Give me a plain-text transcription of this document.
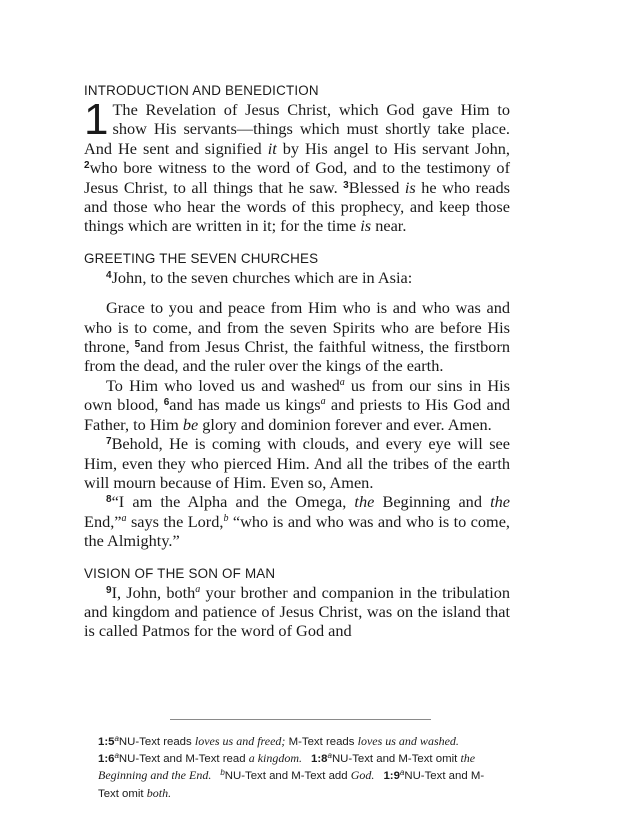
INTRODUCTION AND BENEDICTION

1 The Revelation of Jesus Christ, which God gave Him to show His servants—things which must shortly take place. And He sent and signified it by His angel to His servant John, $^2$who bore witness to the word of God, and to the testimony of Jesus Christ, to all things that he saw. $^3$Blessed is he who reads and those who hear the words of this prophecy, and keep those things which are written in it; for the time is near.

GREETING THE SEVEN CHURCHES

$^4$John, to the seven churches which are in Asia:

Grace to you and peace from Him who is and who was and who is to come, and from the seven Spirits who are before His throne, $^5$and from Jesus Christ, the faithful witness, the firstborn from the dead, and the ruler over the kings of the earth.

To Him who loved us and washed$^a$ us from our sins in His own blood, $^6$and has made us kings$^a$ and priests to His God and Father, to Him be glory and dominion forever and ever. Amen.

$^7$Behold, He is coming with clouds, and every eye will see Him, even they who pierced Him. And all the tribes of the earth will mourn because of Him. Even so, Amen.

$^8$“I am the Alpha and the Omega, the Beginning and the End,”$^a$ says the Lord,$^b$ “who is and who was and who is to come, the Almighty.”

VISION OF THE SON OF MAN

$^9$I, John, both$^a$ your brother and companion in the tribulation and kingdom and patience of Jesus Christ, was on the island that is called Patmos for the word of God and

1:5$^a$NU-Text reads loves us and freed; M-Text reads loves us and washed.1:6$^a$NU-Text and M-Text read a kingdom. 1:8$^a$NU-Text and M-Text omit the Beginning and the End. $^b$NU-Text and M-Text add God. 1:9$^a$NU-Text and M-Text omit both.
